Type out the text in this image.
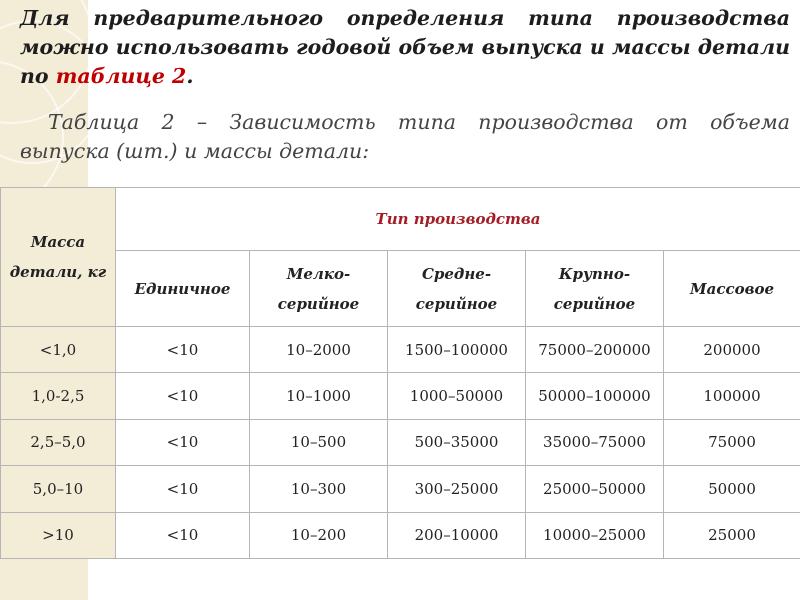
Для предварительного определения типа производства можно использовать годовой объем выпуска и массы детали по таблице 2.
Таблица 2 – Зависимость типа производства от объема
выпуска (шт.) и массы детали:
Масса детали, кг	Тип производства				
	Единичное	Мелко-серийное	Средне-серийное	Крупно-серийное	Массовое
<1,0	<10	10–2000	1500–100000	75000–200000	200000
1,0-2,5	<10	10–1000	1000–50000	50000–100000	100000
2,5–5,0	<10	10–500	500–35000	35000–75000	75000
5,0–10	<10	10–300	300–25000	25000–50000	50000
>10	<10	10–200	200–10000	10000–25000	25000
